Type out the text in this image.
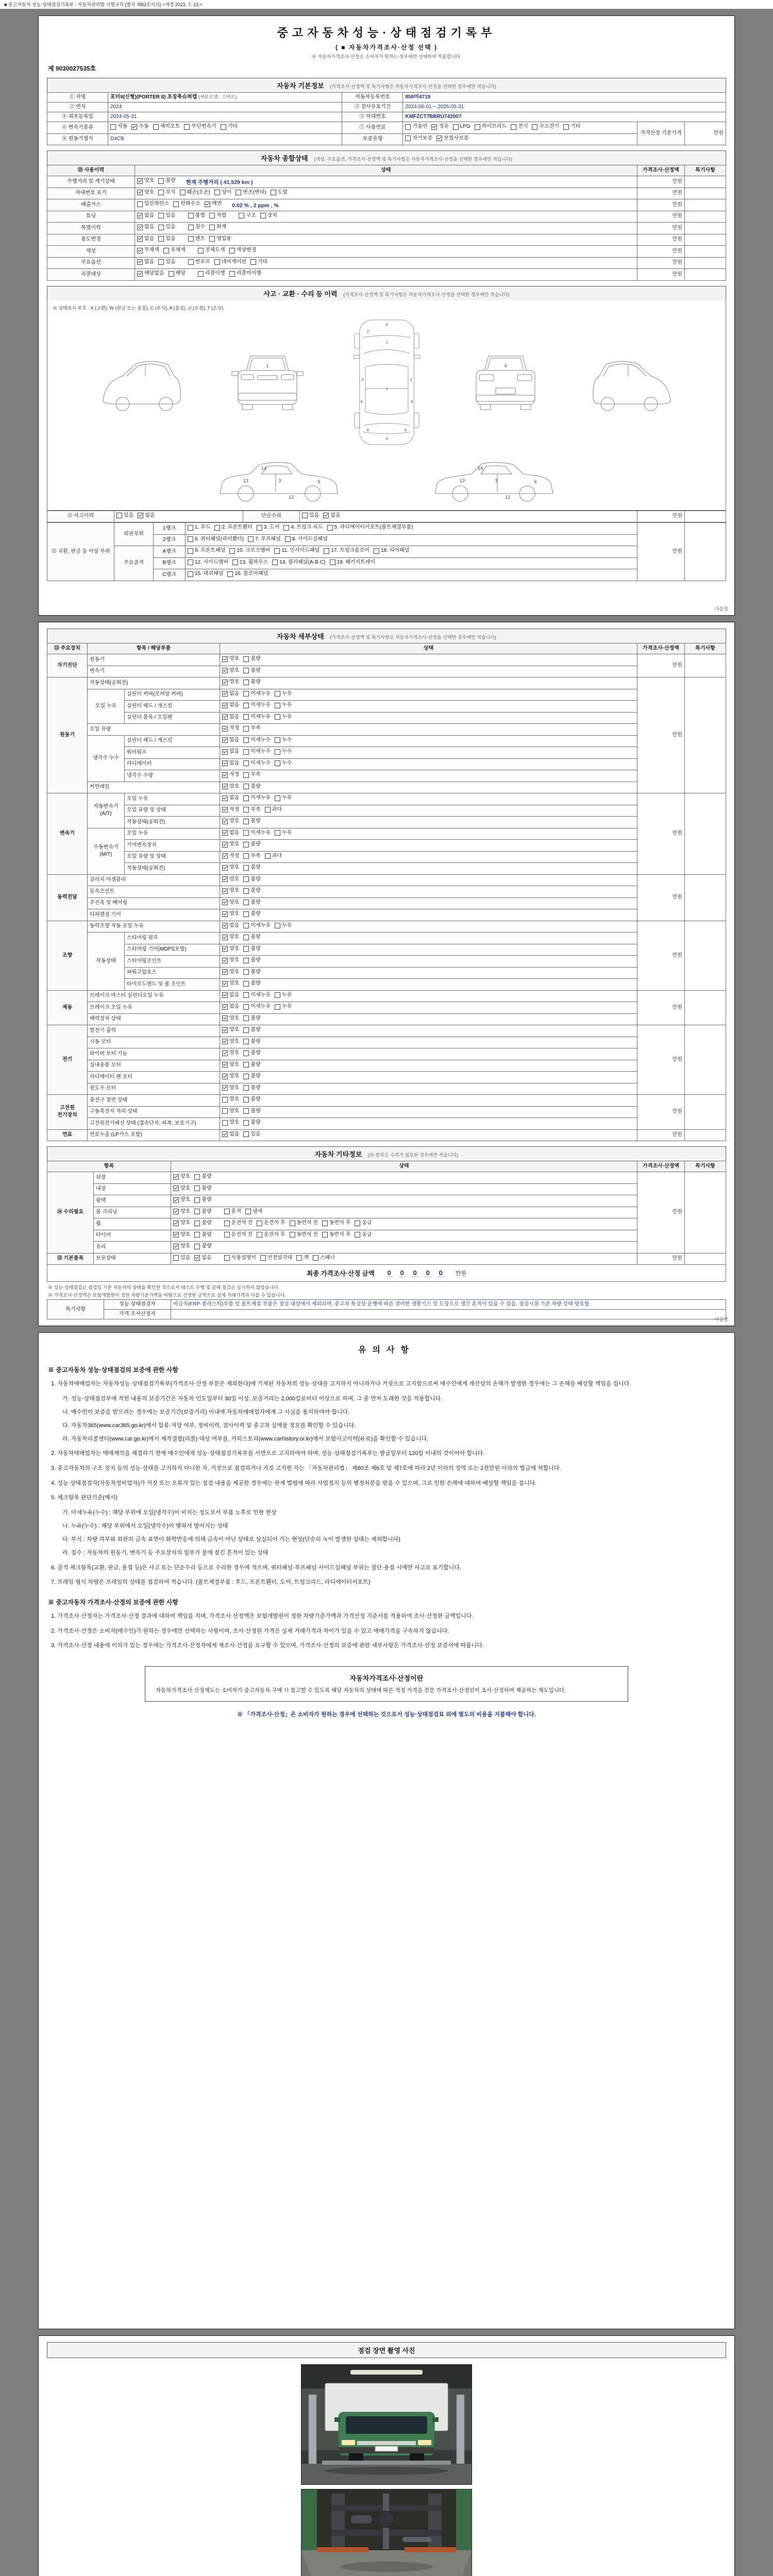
■ 중고자동차 성능·상태점검기록부 : 자동차관리법 시행규칙 [별지 제82호서식] <개정 2021. 7. 13.>
중고자동차성능·상태점검기록부
( ■ 자동차가격조사·산정 선택 )
※ 자동차가격조사·산정은 소비자가 원하는 경우에만 선택하여 적용합니다.
제 9030027535호
자동차 기본정보 (가격조사·산정액 및 특기사항은 자동차가격조사·산정을 선택한 경우에만 적습니다)
① 차명	포터II(신형)(PORTER II) 초장축슈퍼캡 (세부모델 : 스마트)	자동차등록번호	858머4719		
② 연식	2024	③ 검사유효기간	2024-06-01 ~ 2026-05-31		
④ 최초등록일	2024-05-31	⑤ 차대번호	KMFZCT7BBRU742007		
⑥ 변속기종류	자동 수동 세미오토 무단변속기 기타	⑦ 사용연료	가솔린 경유 LPG 하이브리드 전기 수소전기 기타
	가격산정 기준가격	만원
⑧ 원동기형식	D4CB	보증유형	자가보증 보험사보증		
자동차 종합상태 (색상, 주요옵션, 가격조사·산정액 및 특기사항은 자동차가격조사·산정을 선택한 경우에만 적습니다)
⑩ 사용이력	상태	가격조사·산정액	특기사항
주행거리 및 계기상태	양호 불량 현재 주행거리 ( 41,529 km )	만원	
차대번호 표기	양호 부식 훼손(오손) 상이 변조(변타) 도말	만원	
배출가스	일산화탄소 탄화수소 매연 0.02 % , 2 ppm , %	만원	
튜닝	없음 있음	불법 적법	구조 장치	만원	
특별이력	없음 있음 침수 화재	만원	
용도변경	없음 있음 렌트 영업용	만원	
색상	무채색 유채색 전체도색 색상변경	만원	
주요옵션	없음 있음 썬루프 네비게이션 기타	만원	
리콜대상	해당없음 해당 리콜이행 리콜미이행	만원	
사고 · 교환 · 수리 등 이력 (가격조사·산정액 및 특기사항은 자동차가격조사·산정을 선택한 경우에만 적습니다)
※ 상태표시 부호 : X (교환), W (판금 또는 용접), C (부식), A (흠집), U (요철), T (손상)
1
9
1
2
3	3
7
8	8
6	6
4
4
13	3	6
12
14
13	3	6
12
14
⑪ 사고이력	있음 없음	단순수리	있음 없음	만원	
⑫ 교환, 판금 등 이상 부위	외판부위	1랭크	1. 후드 2. 프론트휀더 3. 도어 4. 트렁크 리드 5. 라디에이터서포트(볼트체결부품)	만원	
		2랭크	6. 쿼터패널(리어휀더) 7. 루프패널 8. 사이드실패널		

	주요골격	A랭크	9. 프론트패널 10. 크로스멤버 11. 인사이드패널 17. 트렁크플로어 18. 리어패널		

		B랭크	12. 사이드멤버 13. 휠하우스 14. 필러패널(A·B·C) 19. 패키지트레이		

		C랭크	15. 대쉬패널 16. 플로어패널		
다음장
자동차 세부상태 (가격조사·산정액 및 특기사항은 자동차가격조사·산정을 선택한 경우에만 적습니다)
⑬ 주요장치	항목 / 해당부품		상태	가격조사·산정액	특기사항
자기진단	원동기		양호 불량	만원	
	변속기		양호 불량		

원동기	작동상태(공회전)		양호 불량	만원	
	오일 누유	실린더 커버(로커암 커버)	없음 미세누유 누유		

		실린더 헤드 / 개스킷	없음 미세누유 누유		

		실린더 블록 / 오일팬	없음 미세누유 누유		

	오일 유량		적정 부족		

	냉각수 누수	실린더 헤드 / 개스킷	없음 미세누수 누수		

		워터펌프	없음 미세누수 누수		

		라디에이터	없음 미세누수 누수		

		냉각수 수량	적정 부족		

	커먼레일		양호 불량		

변속기	자동변속기 (A/T)	오일 누유	없음 미세누유 누유	만원	
		오일 유량 및 상태	적정 부족 과다		

		작동상태(공회전)	양호 불량		

	수동변속기 (M/T)	오일 누유	없음 미세누유 누유		

		기어변속장치	양호 불량		

		오일 유량 및 상태	적정 부족 과다		

		작동상태(공회전)	양호 불량		

동력전달	클러치 어셈블리		양호 불량	만원	
	등속조인트		양호 불량		

	추진축 및 베어링		양호 불량		

	디퍼렌셜 기어		양호 불량		

조향	동력조향 작동 오일 누유		없음 미세누유 누유	만원	
	작동상태	스티어링 펌프	양호 불량		

		스티어링 기어(MDPS포함)	양호 불량		

		스티어링조인트	양호 불량		

		파워고압호스	양호 불량		

		타이로드엔드 및 볼 조인트	양호 불량		

제동	브레이크 마스터 실린더오일 누유		없음 미세누유 누유	만원	
	브레이크 오일 누유		없음 미세누유 누유		

	배력장치 상태		양호 불량		

전기	발전기 출력		양호 불량	만원	
	시동 모터		양호 불량		

	와이퍼 모터 기능		양호 불량		

	실내송풍 모터		양호 불량		

	라디에이터 팬 모터		양호 불량		

	윈도우 모터		양호 불량		

고전원 전기장치	충전구 절연 상태		양호 불량	만원	
	구동축전지 격리 상태		양호 불량		

	고전원전기배선 상태 (접속단자, 피복, 보호기구)		양호 불량		

연료	연료누출 (LP가스 포함)		없음 있음	만원	
자동차 기타정보 (⑭ 항목은 수리가 필요한 경우에만 적습니다)
항목		상태	가격조사·산정액	특기사항
⑭ 수리필요	외장	양호 불량	만원	
	내장	양호 불량		

	광택	양호 불량		

	룸 크리닝	양호 불량 흔적 냄새		

휠	양호 불량	운전석 전 운전석 후 동반석 전 동반석 후 응급

타이어	양호 불량	운전석 전 운전석 후 동반석 전 동반석 후 응급

	유리	양호 불량		

⑮ 기본품목	보유상태	있음 없음	사용설명서 안전삼각대 잭 스패너	만원	
최종 가격조사·산정 금액	0 0 0 0 0	만원
※ 성능·상태점검은 점검일 기준 자동차의 상태를 확인한 것으로서 테스트 주행 및 분해 점검은 실시하지 않았습니다.
※ 가격조사·산정액은 보험개발원이 정한 차량기준가액을 바탕으로 산정한 금액으로 실제 거래가격과 다를 수 있습니다.
특기사항	성능·상태점검자	비금속(FRP·플라스틱)부품 및 볼트체결 부품은 점검 대상에서 제외되며, 중고차 특성상 운행에 따른 경미한 생활기스 및 도장으로 생긴 흔적이 있을 수 있음. 점검시점 기준 차량 상태 양호함.
	가격·조사산정자	
다음장
유의사항
※ 중고자동차 성능·상태점검의 보증에 관한 사항
1. 자동차매매업자는 자동차성능·상태점검기록부(가격조사·산정 부분은 제외한다)에 기재된 자동차의 성능·상태를 고지하지 아니하거나 거짓으로 고지함으로써 매수인에게 재산상의 손해가 발생한 경우에는 그 손해를 배상할 책임을 집니다.
가. 성능·상태점검부에 적힌 내용의 보증기간은 자동차 인도일부터 30일 이상, 보증거리는 2,000킬로미터 이상으로 하며, 그 중 먼저 도래한 것을 적용합니다.
나. 매수인이 보증을 받으려는 경우에는 보증기간(보증거리) 이내에 자동차매매업자에게 그 사실을 통지하여야 합니다.
다. 자동차365(www.car365.go.kr)에서 압류·저당 여부, 정비이력, 검사이력 및 중고차 실매물 정보를 확인할 수 있습니다.
라. 자동차리콜센터(www.car.go.kr)에서 제작결함(리콜) 대상 여부를, 카히스토리(www.carhistory.or.kr)에서 보험사고이력(유료)을 확인할 수 있습니다.
2. 자동차매매업자는 매매계약을 체결하기 전에 매수인에게 성능·상태점검기록부를 서면으로 고지하여야 하며, 성능·상태점검기록부는 발급일부터 120일 이내의 것이어야 합니다.
3. 중고자동차의 구조·장치 등의 성능·상태를 고지하지 아니한 자, 거짓으로 점검하거나 거짓 고지한 자는 「자동차관리법」 제80조 제6호 및 제7호에 따라 2년 이하의 징역 또는 2천만원 이하의 벌금에 처합니다.
4. 성능·상태점검자(자동차정비업자)가 거짓 또는 오류가 있는 점검 내용을 제공한 경우에는 관계 법령에 따라 사업정지 등의 행정처분을 받을 수 있으며, 그로 인한 손해에 대하여 배상할 책임을 집니다.
5. 체크항목 판단기준(예시)
가. 미세누유(누수) : 해당 부위에 오일(냉각수)이 비치는 정도로서 부품 노후로 인한 현상
나. 누유(누수) : 해당 부위에서 오일(냉각수)이 맺혀서 떨어지는 상태
다. 부식 : 차량 하부와 외판의 금속 표면이 화학반응에 의해 금속이 아닌 상태로 상실되어 가는 현상(단순히 녹이 발생한 상태는 제외합니다)
라. 침수 : 자동차의 원동기, 변속기 등 주요장치의 일부가 물에 잠긴 흔적이 있는 상태
6. 골격 체크항목(교환, 판금, 용접 등)은 사고 또는 단순수리 등으로 수리한 경우에 적으며, 쿼터패널·루프패널·사이드실패널 부위는 절단·용접 시에만 사고로 표기합니다.
7. 프레임 형식 차량은 프레임의 상태를 점검하여 적습니다. (볼트체결부품 : 후드, 프론트휀더, 도어, 트렁크리드, 라디에이터서포트)
※ 중고자동차 가격조사·산정의 보증에 관한 사항
1. 가격조사·산정자는 가격조사·산정 결과에 대하여 책임을 지며, 가격조사·산정액은 보험개발원이 정한 차량기준가액과 가격산정 기준서를 적용하여 조사·산정한 금액입니다.
2. 가격조사·산정은 소비자(매수인)가 원하는 경우에만 선택하는 사항이며, 조사·산정된 가격은 실제 거래가격과 차이가 있을 수 있고 매매가격을 구속하지 않습니다.
3. 가격조사·산정 내용에 이의가 있는 경우에는 가격조사·산정자에게 재조사·산정을 요구할 수 있으며, 가격조사·산정의 보증에 관한 세부사항은 가격조사·산정 보증서에 따릅니다.
자동차가격조사·산정이란
자동차가격조사·산정제도는 소비자가 중고자동차 구매 시 참고할 수 있도록 해당 자동차의 상태에 따른 적정 가격을 전문 가격조사·산정인이 조사·산정하여 제공하는 제도입니다.
※ 「가격조사·산정」은 소비자가 원하는 경우에 선택하는 것으로서 성능·상태점검료 외에 별도의 비용을 지불해야 합니다.
점검 장면 촬영 사진
